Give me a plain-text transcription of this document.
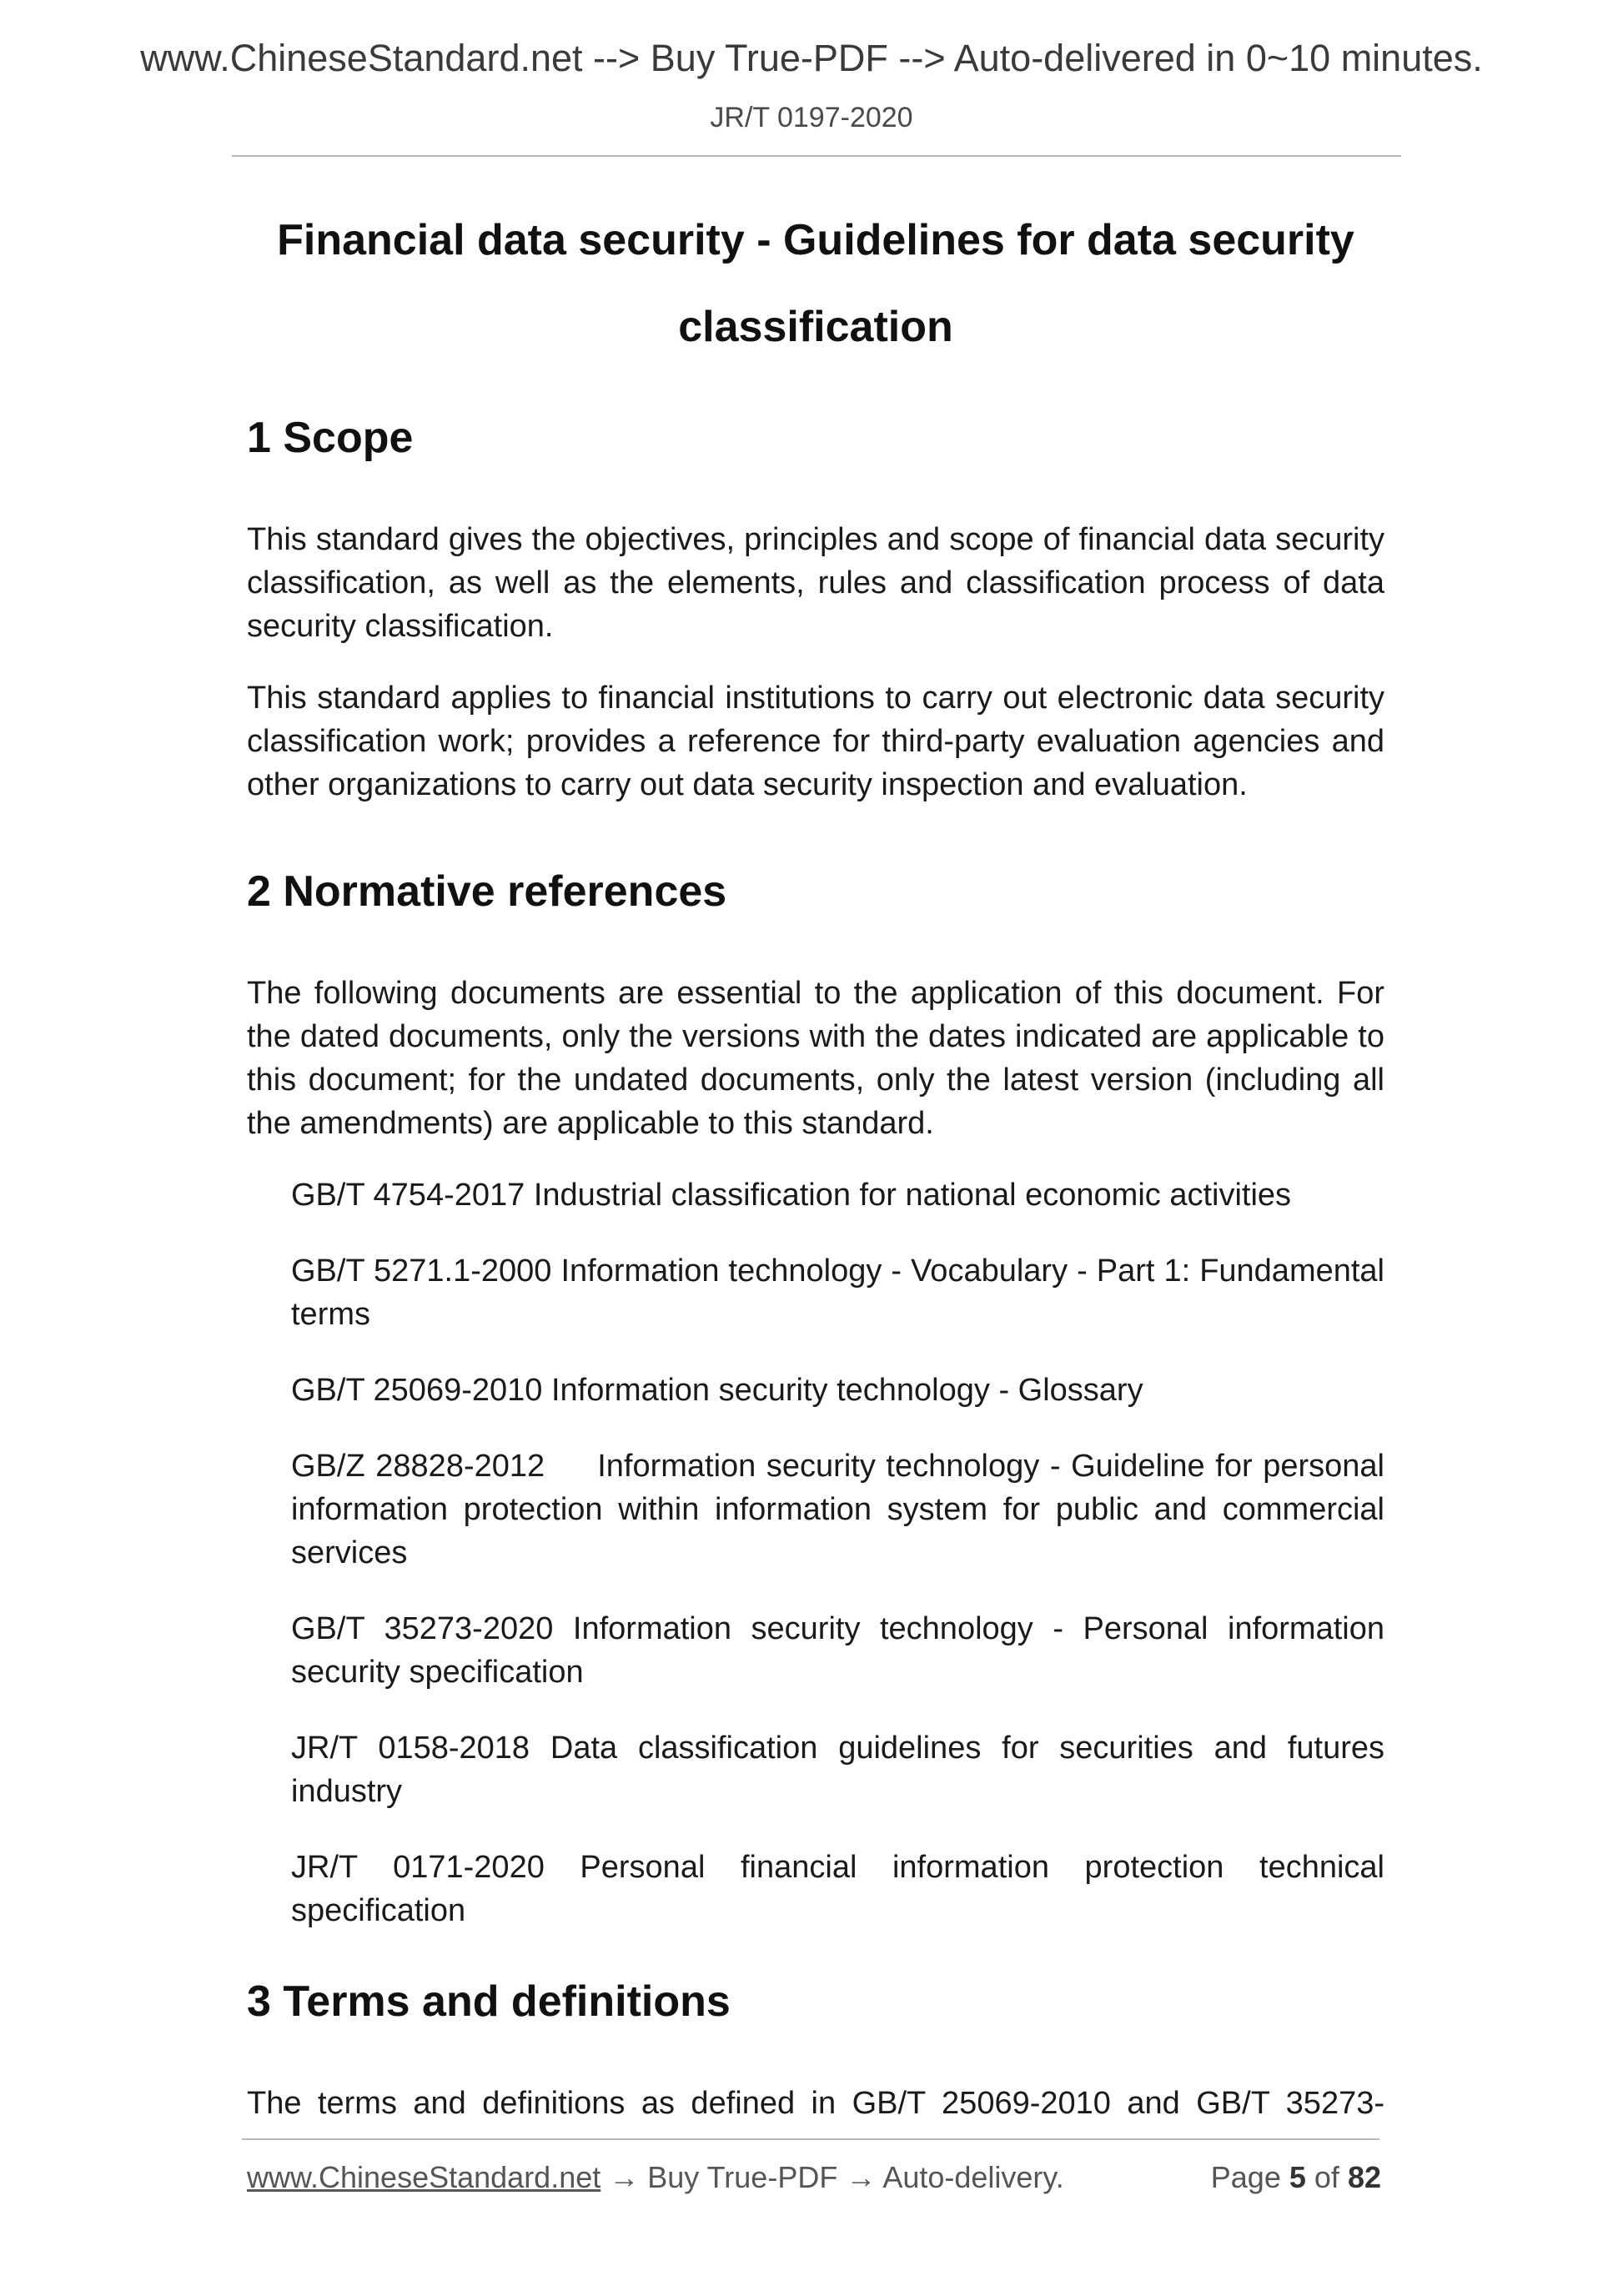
www.ChineseStandard.net --> Buy True-PDF --> Auto-delivered in 0~10 minutes.
JR/T 0197-2020
Financial data security - Guidelines for data security
classification
1 Scope

This standard gives the objectives, principles and scope of financial data security classification, as well as the elements, rules and classification process of data security classification.

This standard applies to financial institutions to carry out electronic data security classification work; provides a reference for third-party evaluation agencies and other organizations to carry out data security inspection and evaluation.

2 Normative references

The following documents are essential to the application of this document. For the dated documents, only the versions with the dates indicated are applicable to this document; for the undated documents, only the latest version (including all the amendments) are applicable to this standard.

GB/T 4754-2017 Industrial classification for national economic activities

GB/T 5271.1-2000 Information technology - Vocabulary - Part 1: Fundamental terms

GB/T 25069-2010 Information security technology - Glossary

GB/Z 28828-2012     Information security technology - Guideline for personal information protection within information system for public and commercial services

GB/T 35273-2020 Information security technology - Personal information security specification

JR/T 0158-2018 Data classification guidelines for securities and futures industry

JR/T 0171-2020 Personal financial information protection technical specification

3 Terms and definitions

The terms and definitions as defined in GB/T 25069-2010 and GB/T 35273-

www.ChineseStandard.net → Buy True-PDF → Auto-delivery.	Page 5 of 82
